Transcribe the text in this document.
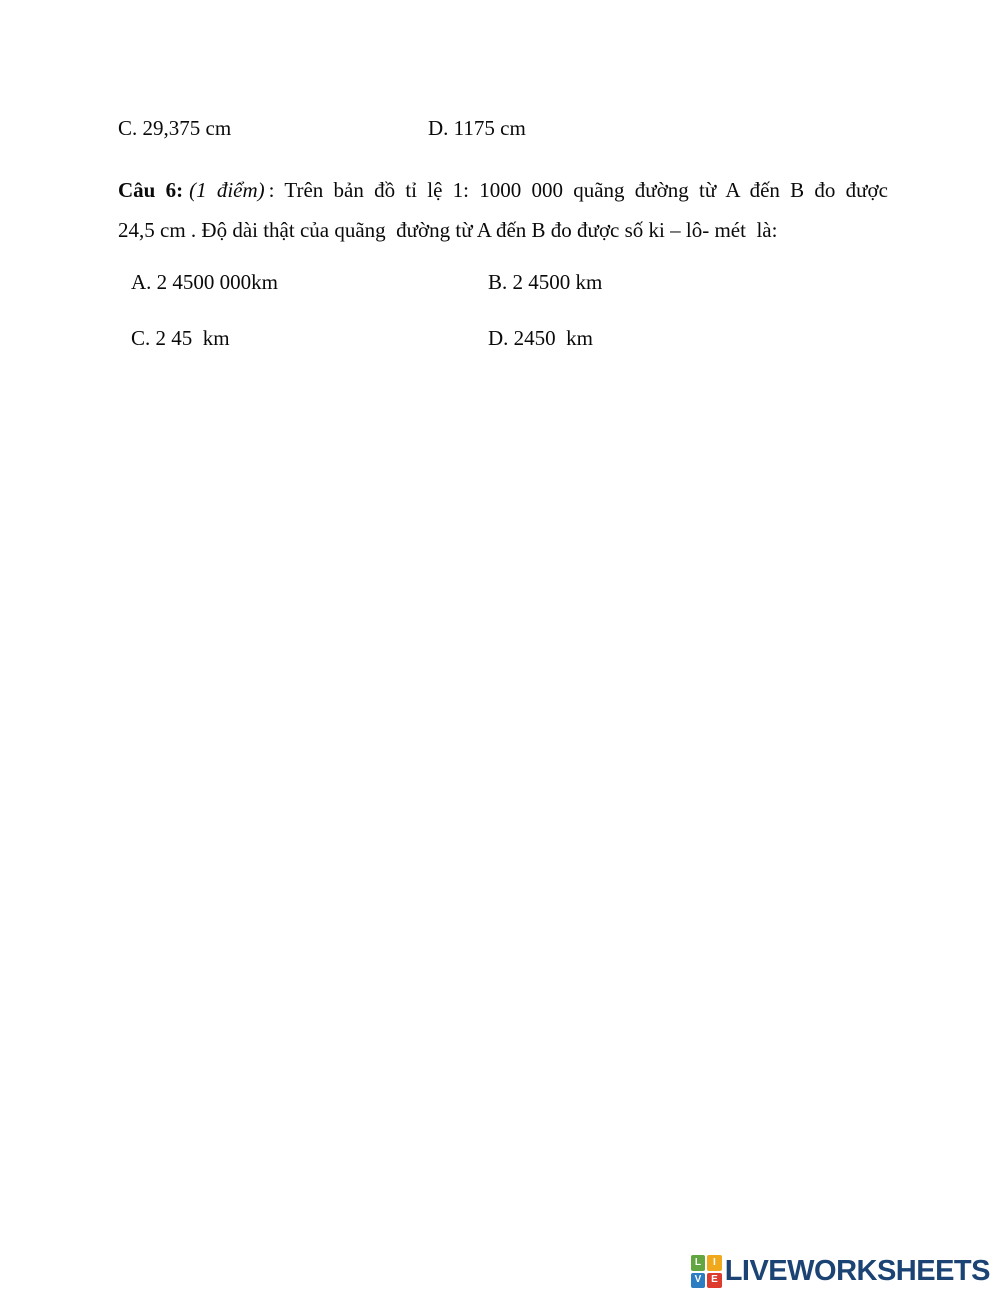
C. 29,375 cm	D. 1175 cm
Câu 6: (1 điểm) : Trên bản đồ tỉ lệ 1: 1000 000 quãng đường từ A đến B đo được
24,5 cm . Độ dài thật của quãng  đường từ A đến B đo được số ki – lô- mét  là:
A. 2 4500 000km	B. 2 4500 km
C. 2 45  km	D. 2450  km
L	I
V E LIVEWORKSHEETS
